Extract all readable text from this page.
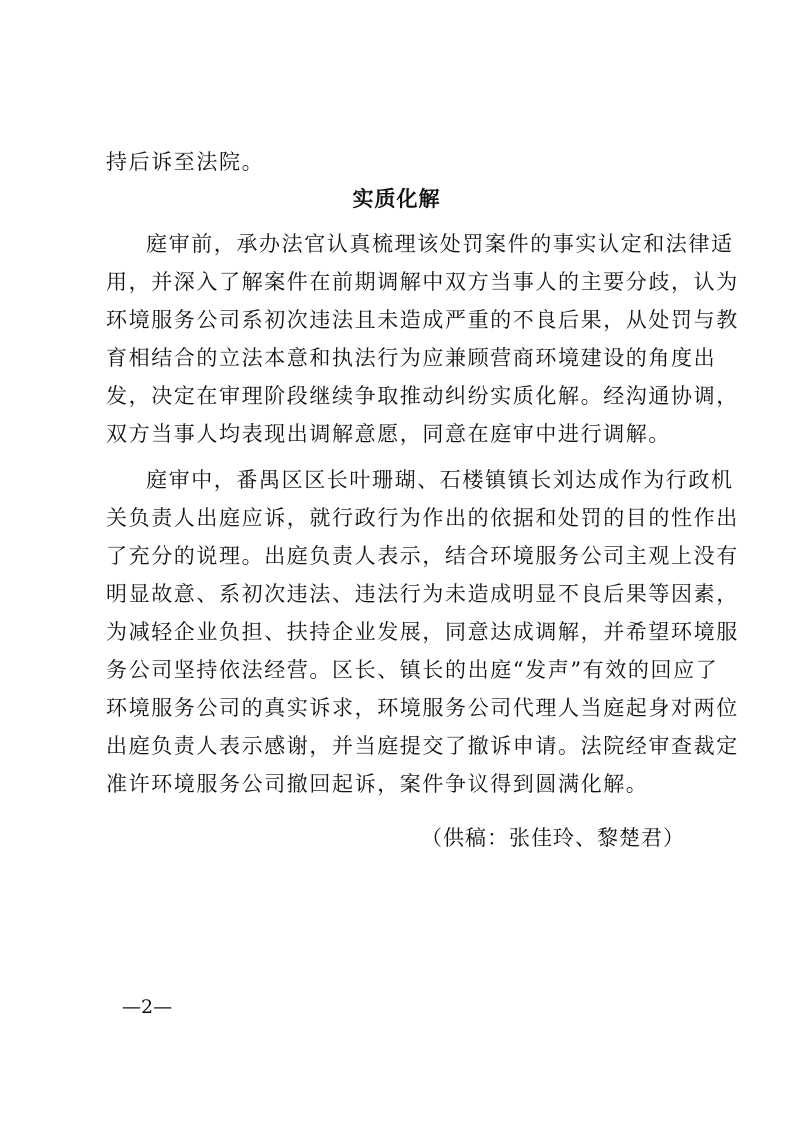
持后诉至法院。
实质化解
庭审前，承办法官认真梳理该处罚案件的事实认定和法律适
用，并深入了解案件在前期调解中双方当事人的主要分歧，认为
环境服务公司系初次违法且未造成严重的不良后果，从处罚与教
育相结合的立法本意和执法行为应兼顾营商环境建设的角度出
发，决定在审理阶段继续争取推动纠纷实质化解。经沟通协调，
双方当事人均表现出调解意愿，同意在庭审中进行调解。
庭审中，番禺区区长叶珊瑚、石楼镇镇长刘达成作为行政机
关负责人出庭应诉，就行政行为作出的依据和处罚的目的性作出
了充分的说理。出庭负责人表示，结合环境服务公司主观上没有
明显故意、系初次违法、违法行为未造成明显不良后果等因素，
为减轻企业负担、扶持企业发展，同意达成调解，并希望环境服
务公司坚持依法经营。区长、镇长的出庭“发声”有效的回应了
环境服务公司的真实诉求，环境服务公司代理人当庭起身对两位
出庭负责人表示感谢，并当庭提交了撤诉申请。法院经审查裁定
准许环境服务公司撤回起诉，案件争议得到圆满化解。
（供稿：张佳玲、黎楚君）
—2—
